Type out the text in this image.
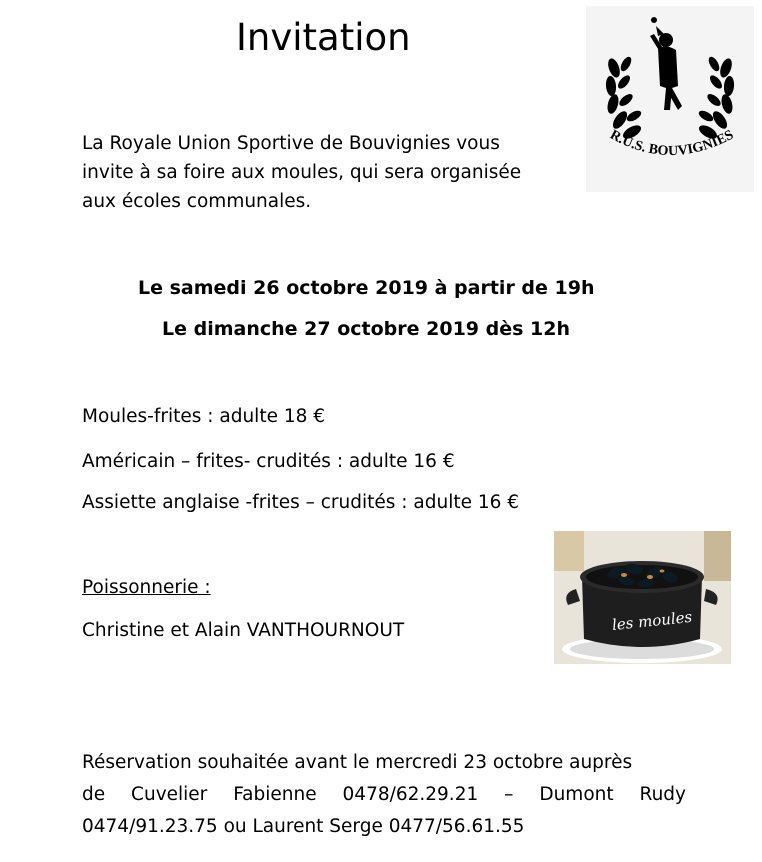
Invitation
La Royale Union Sportive de Bouvignies vous
invite à sa foire aux moules, qui sera organisée
aux écoles communales.
Le samedi 26 octobre 2019 à partir de 19h
Le dimanche 27 octobre 2019 dès 12h
Moules-frites : adulte 18 €
Américain – frites- crudités : adulte 16 €
Assiette anglaise -frites – crudités : adulte 16 €
Poissonnerie :
Christine et Alain VANTHOURNOUT
Réservation souhaitée avant le mercredi 23 octobre auprès
de Cuvelier Fabienne 0478/62.29.21 – Dumont Rudy
0474/91.23.75 ou Laurent Serge 0477/56.61.55
R.U.S. BOUVIGNIES
les moules
